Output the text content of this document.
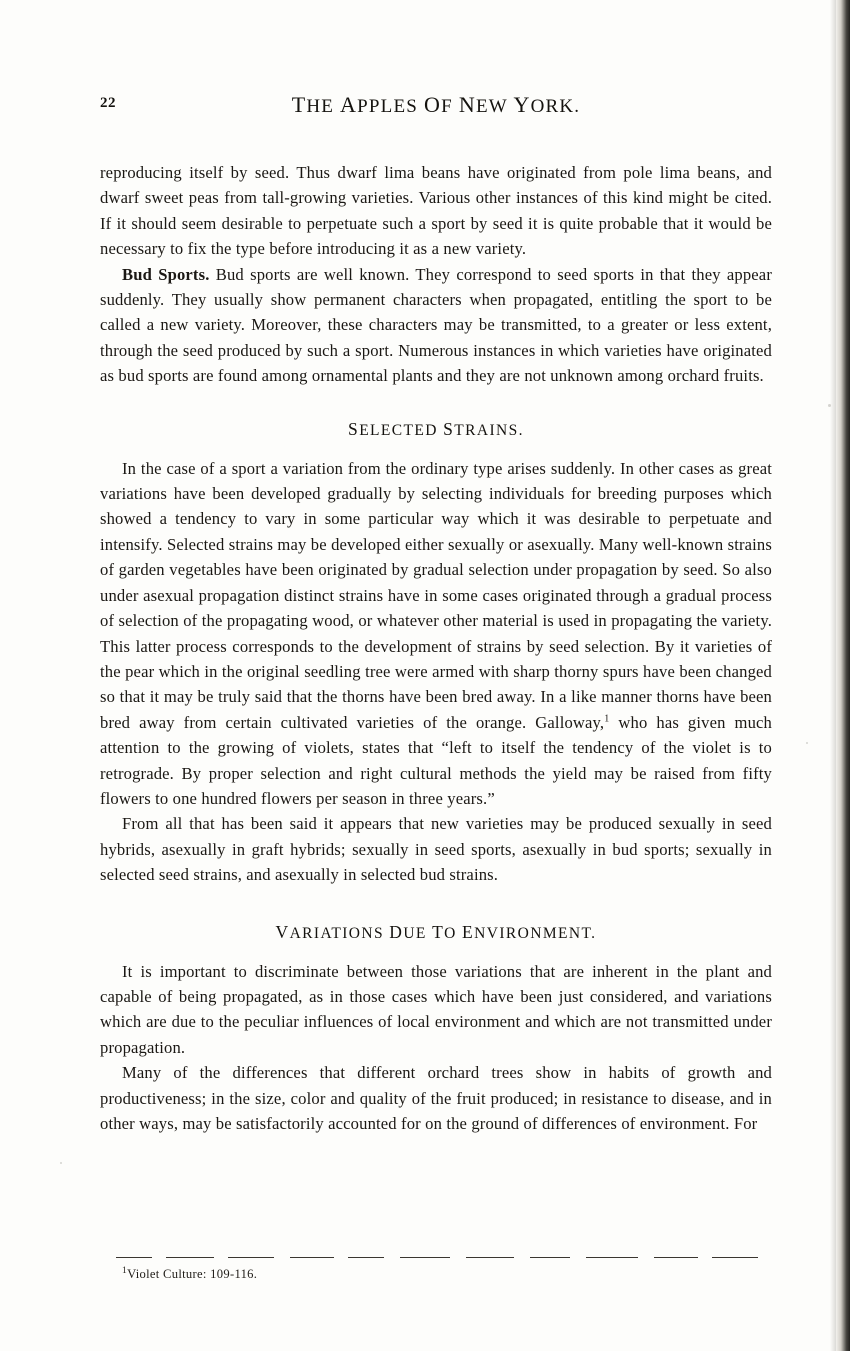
22	THE APPLES OF NEW YORK.

reproducing itself by seed. Thus dwarf lima beans have originated from pole lima beans, and dwarf sweet peas from tall-growing varieties. Various other instances of this kind might be cited. If it should seem desirable to perpetuate such a sport by seed it is quite probable that it would be necessary to fix the type before introducing it as a new variety.

Bud Sports. Bud sports are well known. They correspond to seed sports in that they appear suddenly. They usually show permanent characters when propagated, entitling the sport to be called a new variety. Moreover, these characters may be transmitted, to a greater or less extent, through the seed produced by such a sport. Numerous instances in which varieties have originated as bud sports are found among ornamental plants and they are not unknown among orchard fruits.

SELECTED STRAINS.

In the case of a sport a variation from the ordinary type arises suddenly. In other cases as great variations have been developed gradually by selecting individuals for breeding purposes which showed a tendency to vary in some particular way which it was desirable to perpetuate and intensify. Selected strains may be developed either sexually or asexually. Many well-known strains of garden vegetables have been originated by gradual selection under propagation by seed. So also under asexual propagation distinct strains have in some cases originated through a gradual process of selection of the propagating wood, or whatever other material is used in propagating the variety. This latter process corresponds to the development of strains by seed selection. By it varieties of the pear which in the original seedling tree were armed with sharp thorny spurs have been changed so that it may be truly said that the thorns have been bred away. In a like manner thorns have been bred away from certain cultivated varieties of the orange. Galloway,$^1$ who has given much attention to the growing of violets, states that “left to itself the tendency of the violet is to retrograde. By proper selection and right cultural methods the yield may be raised from fifty flowers to one hundred flowers per season in three years.”

From all that has been said it appears that new varieties may be produced sexually in seed hybrids, asexually in graft hybrids; sexually in seed sports, asexually in bud sports; sexually in selected seed strains, and asexually in selected bud strains.

VARIATIONS DUE TO ENVIRONMENT.

It is important to discriminate between those variations that are inherent in the plant and capable of being propagated, as in those cases which have been just considered, and variations which are due to the peculiar influences of local environment and which are not transmitted under propagation.

Many of the differences that different orchard trees show in habits of growth and productiveness; in the size, color and quality of the fruit produced; in resistance to disease, and in other ways, may be satisfactorily accounted for on the ground of differences of environment. For

$^1$Violet Culture: 109-116.
